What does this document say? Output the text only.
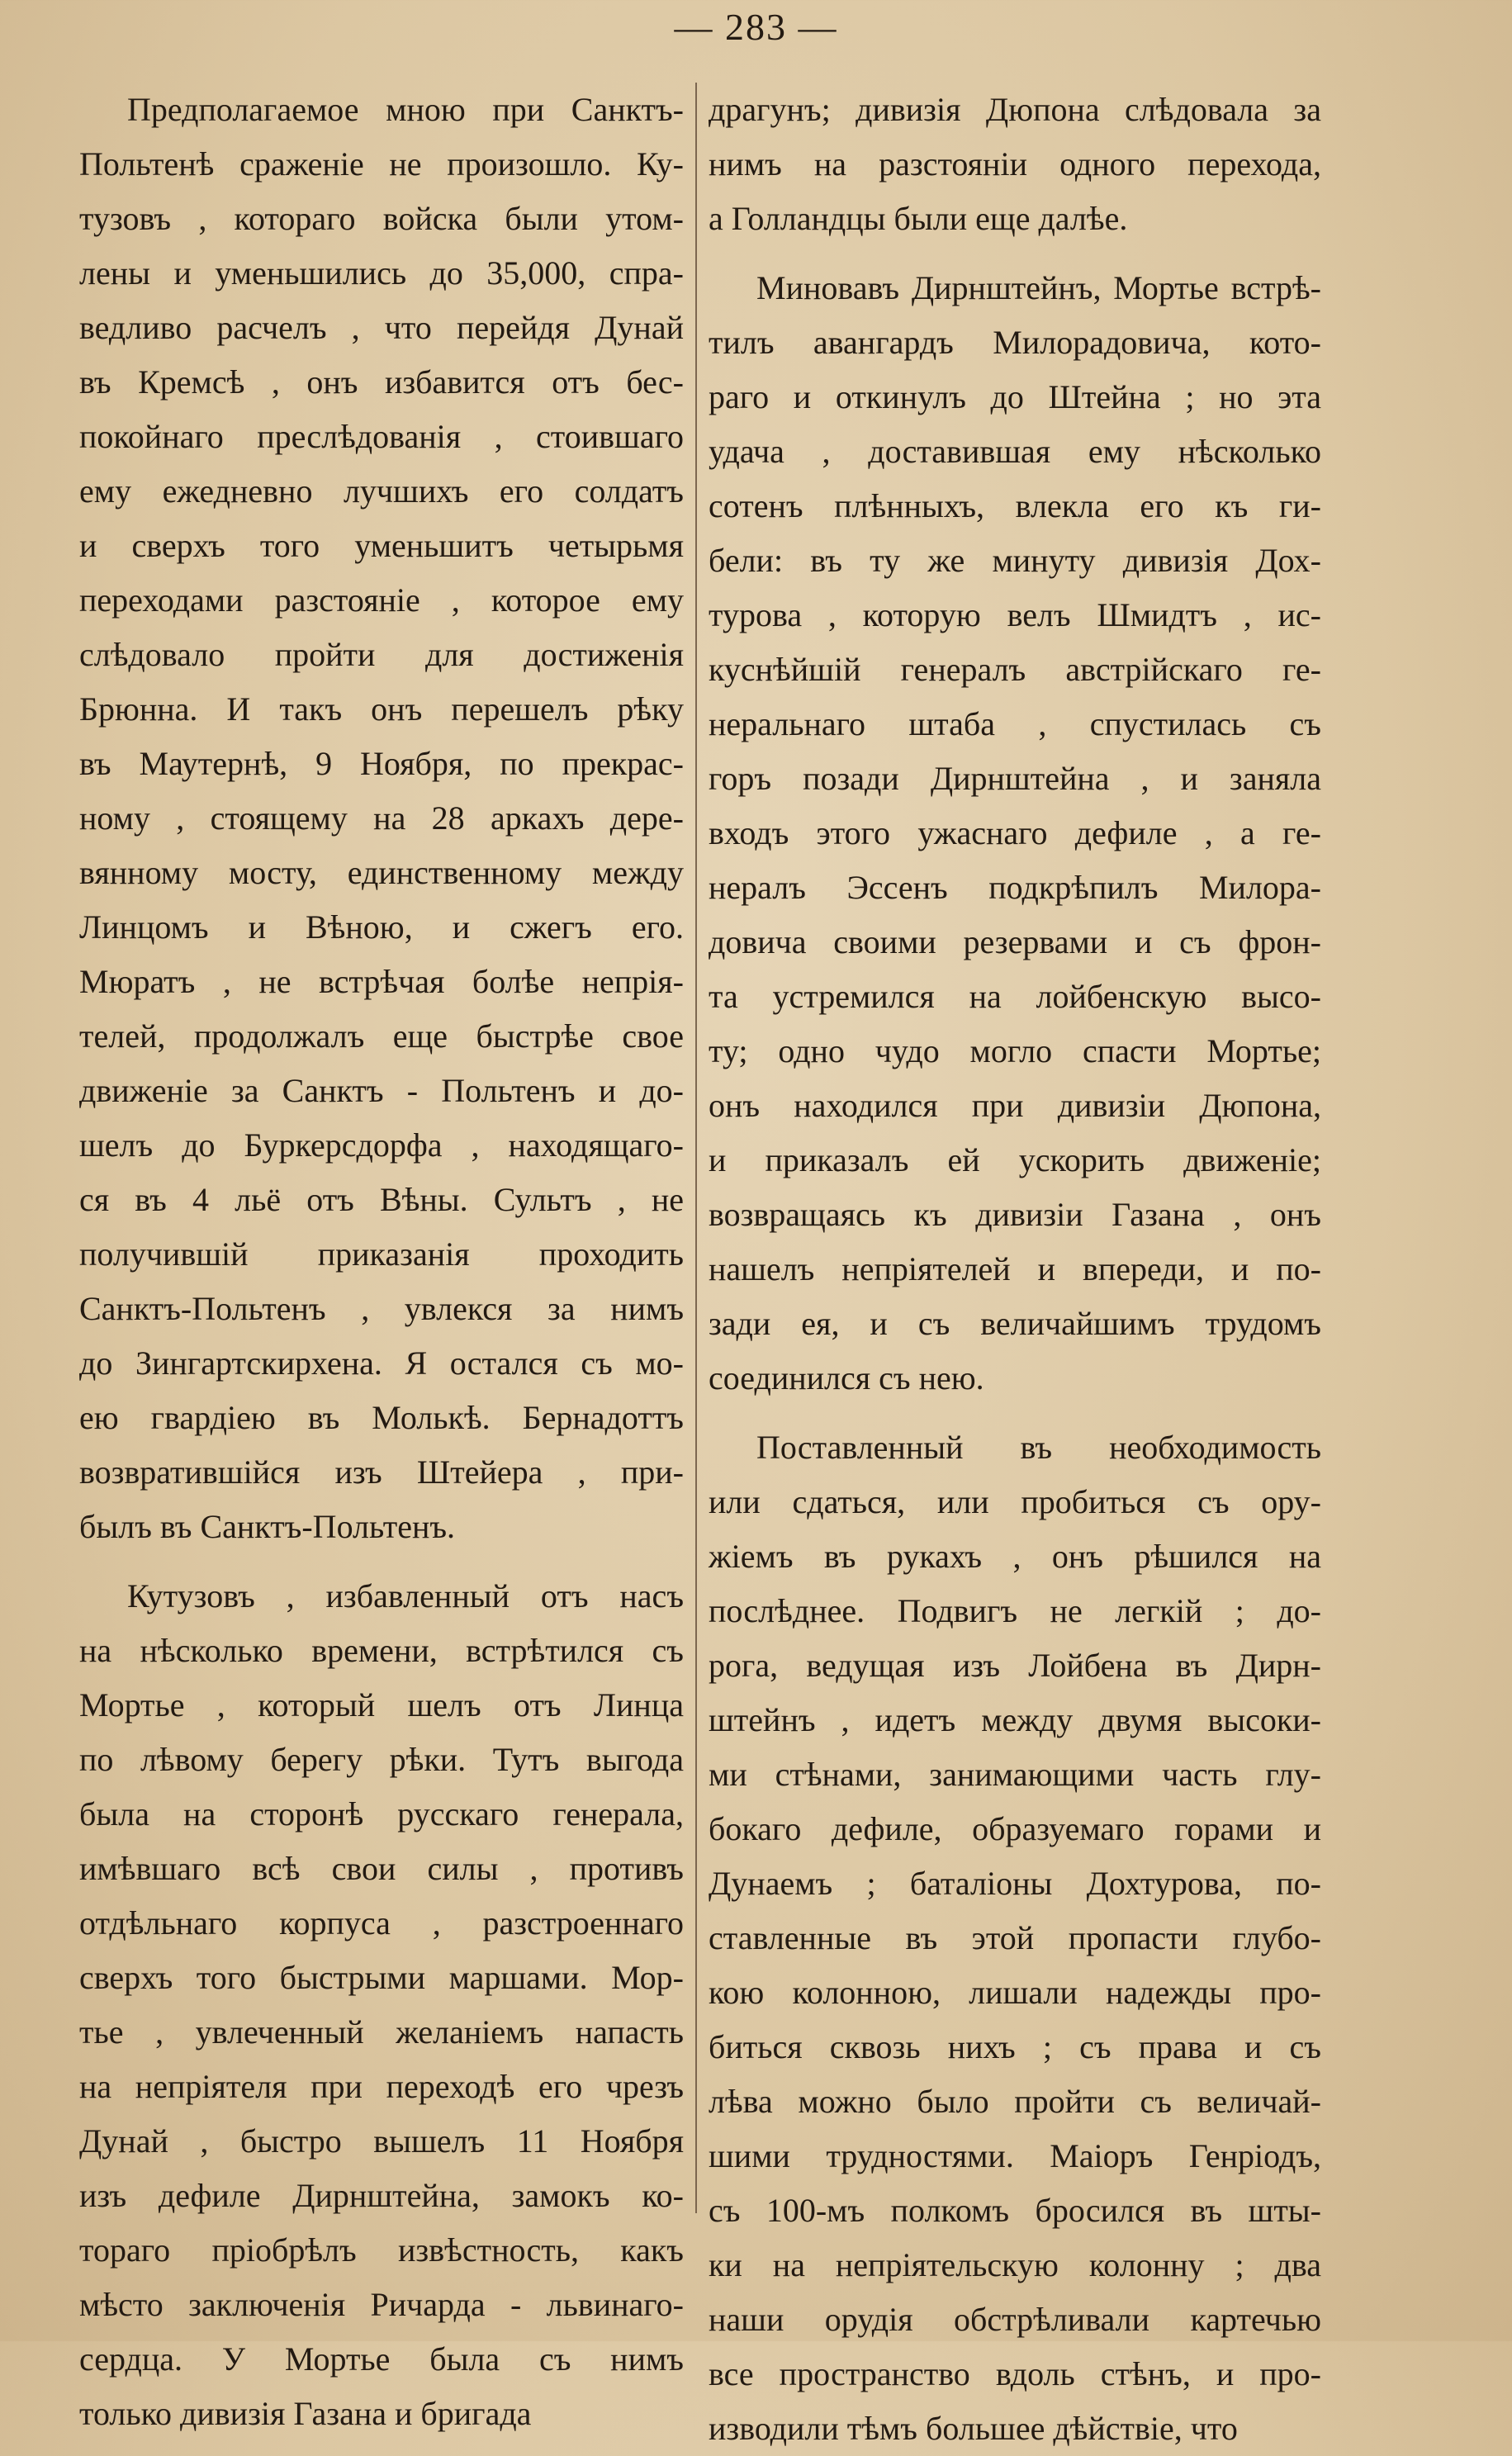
— 283 —
Предполагаемое мною при Санктъ-
Польтенѣ сраженіе не произошло. Ку-
тузовъ , котораго войска были утом-
лены и уменьшились до 35,000, спра-
ведливо расчелъ , что перейдя Дунай
въ Кремсѣ , онъ избавится отъ бес-
покойнаго преслѣдованія , стоившаго
ему ежедневно лучшихъ его солдатъ
и сверхъ того уменьшитъ четырьмя
переходами разстояніе , которое ему
слѣдовало пройти для достиженія
Брюнна. И такъ онъ перешелъ рѣку
въ Маутернѣ, 9 Ноября, по прекрас-
ному , стоящему на 28 аркахъ дере-
вянному мосту, единственному между
Линцомъ и Вѣною, и сжегъ его.
Мюратъ , не встрѣчая болѣе непрія-
телей, продолжалъ еще быстрѣе свое
движеніе за Санктъ - Польтенъ и до-
шелъ до Буркерсдорфа , находящаго-
ся въ 4 льё отъ Вѣны. Сультъ , не
получившій приказанія проходить
Санктъ-Польтенъ , увлекся за нимъ
до Зингартскирхена. Я остался съ мо-
ею гвардіею въ Молькѣ. Бернадоттъ
возвратившійся изъ Штейера , при-
былъ въ Санктъ-Польтенъ.
Кутузовъ , избавленный отъ насъ
на нѣсколько времени, встрѣтился съ
Мортье , который шелъ отъ Линца
по лѣвому берегу рѣки. Тутъ выгода
была на сторонѣ русскаго генерала,
имѣвшаго всѣ свои силы , противъ
отдѣльнаго корпуса , разстроеннаго
сверхъ того быстрыми маршами. Мор-
тье , увлеченный желаніемъ напасть
на непріятеля при переходѣ его чрезъ
Дунай , быстро вышелъ 11 Ноября
изъ дефиле Дирнштейна, замокъ ко-
тораго пріобрѣлъ извѣстность, какъ
мѣсто заключенія Ричарда - львинаго-
сердца. У Мортье была съ нимъ
только дивизія Газана и бригада
драгунъ; дивизія Дюпона слѣдовала за
нимъ на разстояніи одного перехода,
а Голландцы были еще далѣе.
Миновавъ Дирнштейнъ, Мортье встрѣ-
тилъ авангардъ Милорадовича, кото-
раго и откинулъ до Штейна ; но эта
удача , доставившая ему нѣсколько
сотенъ плѣнныхъ, влекла его къ ги-
бели: въ ту же минуту дивизія Дох-
турова , которую велъ Шмидтъ , ис-
куснѣйшій генералъ австрійскаго ге-
неральнаго штаба , спустилась съ
горъ позади Дирнштейна , и заняла
входъ этого ужаснаго дефиле , а ге-
нералъ Эссенъ подкрѣпилъ Милора-
довича своими резервами и съ фрон-
та устремился на лойбенскую высо-
ту; одно чудо могло спасти Мортье;
онъ находился при дивизіи Дюпона,
и приказалъ ей ускорить движеніе;
возвращаясь къ дивизіи Газана , онъ
нашелъ непріятелей и впереди, и по-
зади ея, и съ величайшимъ трудомъ
соединился съ нею.
Поставленный въ необходимость
или сдаться, или пробиться съ ору-
жіемъ въ рукахъ , онъ рѣшился на
послѣднее. Подвигъ не легкій ; до-
рога, ведущая изъ Лойбена въ Дирн-
штейнъ , идетъ между двумя высоки-
ми стѣнами, занимающими часть глу-
бокаго дефиле, образуемаго горами и
Дунаемъ ; баталіоны Дохтурова, по-
ставленные въ этой пропасти глубо-
кою колонною, лишали надежды про-
биться сквозь нихъ ; съ права и съ
лѣва можно было пройти съ величай-
шими трудностями. Маіоръ Генріодъ,
съ 100-мъ полкомъ бросился въ шты-
ки на непріятельскую колонну ; два
наши орудія обстрѣливали картечью
все пространство вдоль стѣнъ, и про-
изводили тѣмъ большее дѣйствіе, что
